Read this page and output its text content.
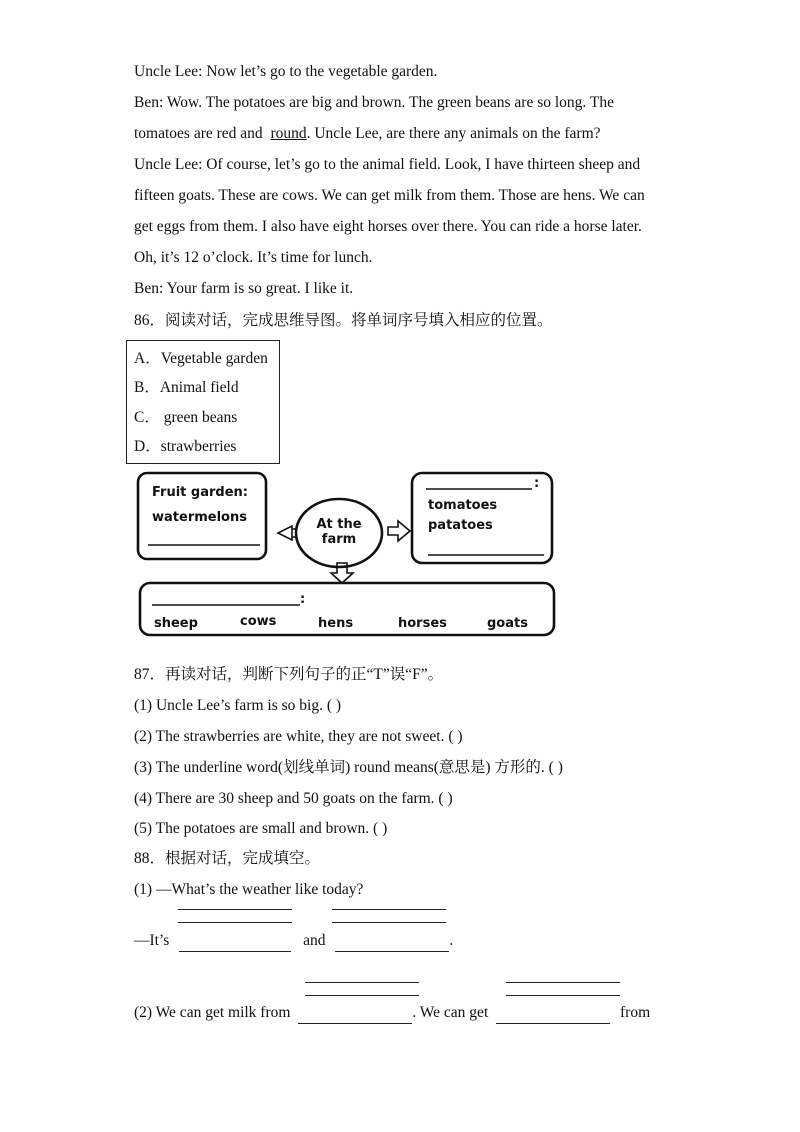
Uncle Lee: Now let’s go to the vegetable garden.
Ben: Wow. The potatoes are big and brown. The green beans are so long. The
tomatoes are red and  round. Uncle Lee, are there any animals on the farm?
Uncle Lee: Of course, let’s go to the animal field. Look, I have thirteen sheep and
fifteen goats. These are cows. We can get milk from them. Those are hens. We can
get eggs from them. I also have eight horses over there. You can ride a horse later.
Oh, it’s 12 o’clock. It’s time for lunch.
Ben: Your farm is so great. I like it.
86．阅读对话，完成思维导图。将单词序号填入相应的位置。
A．Vegetable garden
B．Animal field
C． green beans
D．strawberries
Fruit garden:
watermelons	At the
farm
:
tomatoes
patatoes
:
sheep	cows	hens	horses	goats
87．再读对话，判断下列句子的正“T”误“F”。
(1) Uncle Lee’s farm is so big. ( )
(2) The strawberries are white, they are not sweet. ( )
(3) The underline word(划线单词) round means(意思是) 方形的. ( )
(4) There are 30 sheep and 50 goats on the farm. ( )
(5) The potatoes are small and brown. ( )
88．根据对话，完成填空。
(1) —What’s the weather like today?
—It’s	and	.
(2) We can get milk from	. We can get	from
